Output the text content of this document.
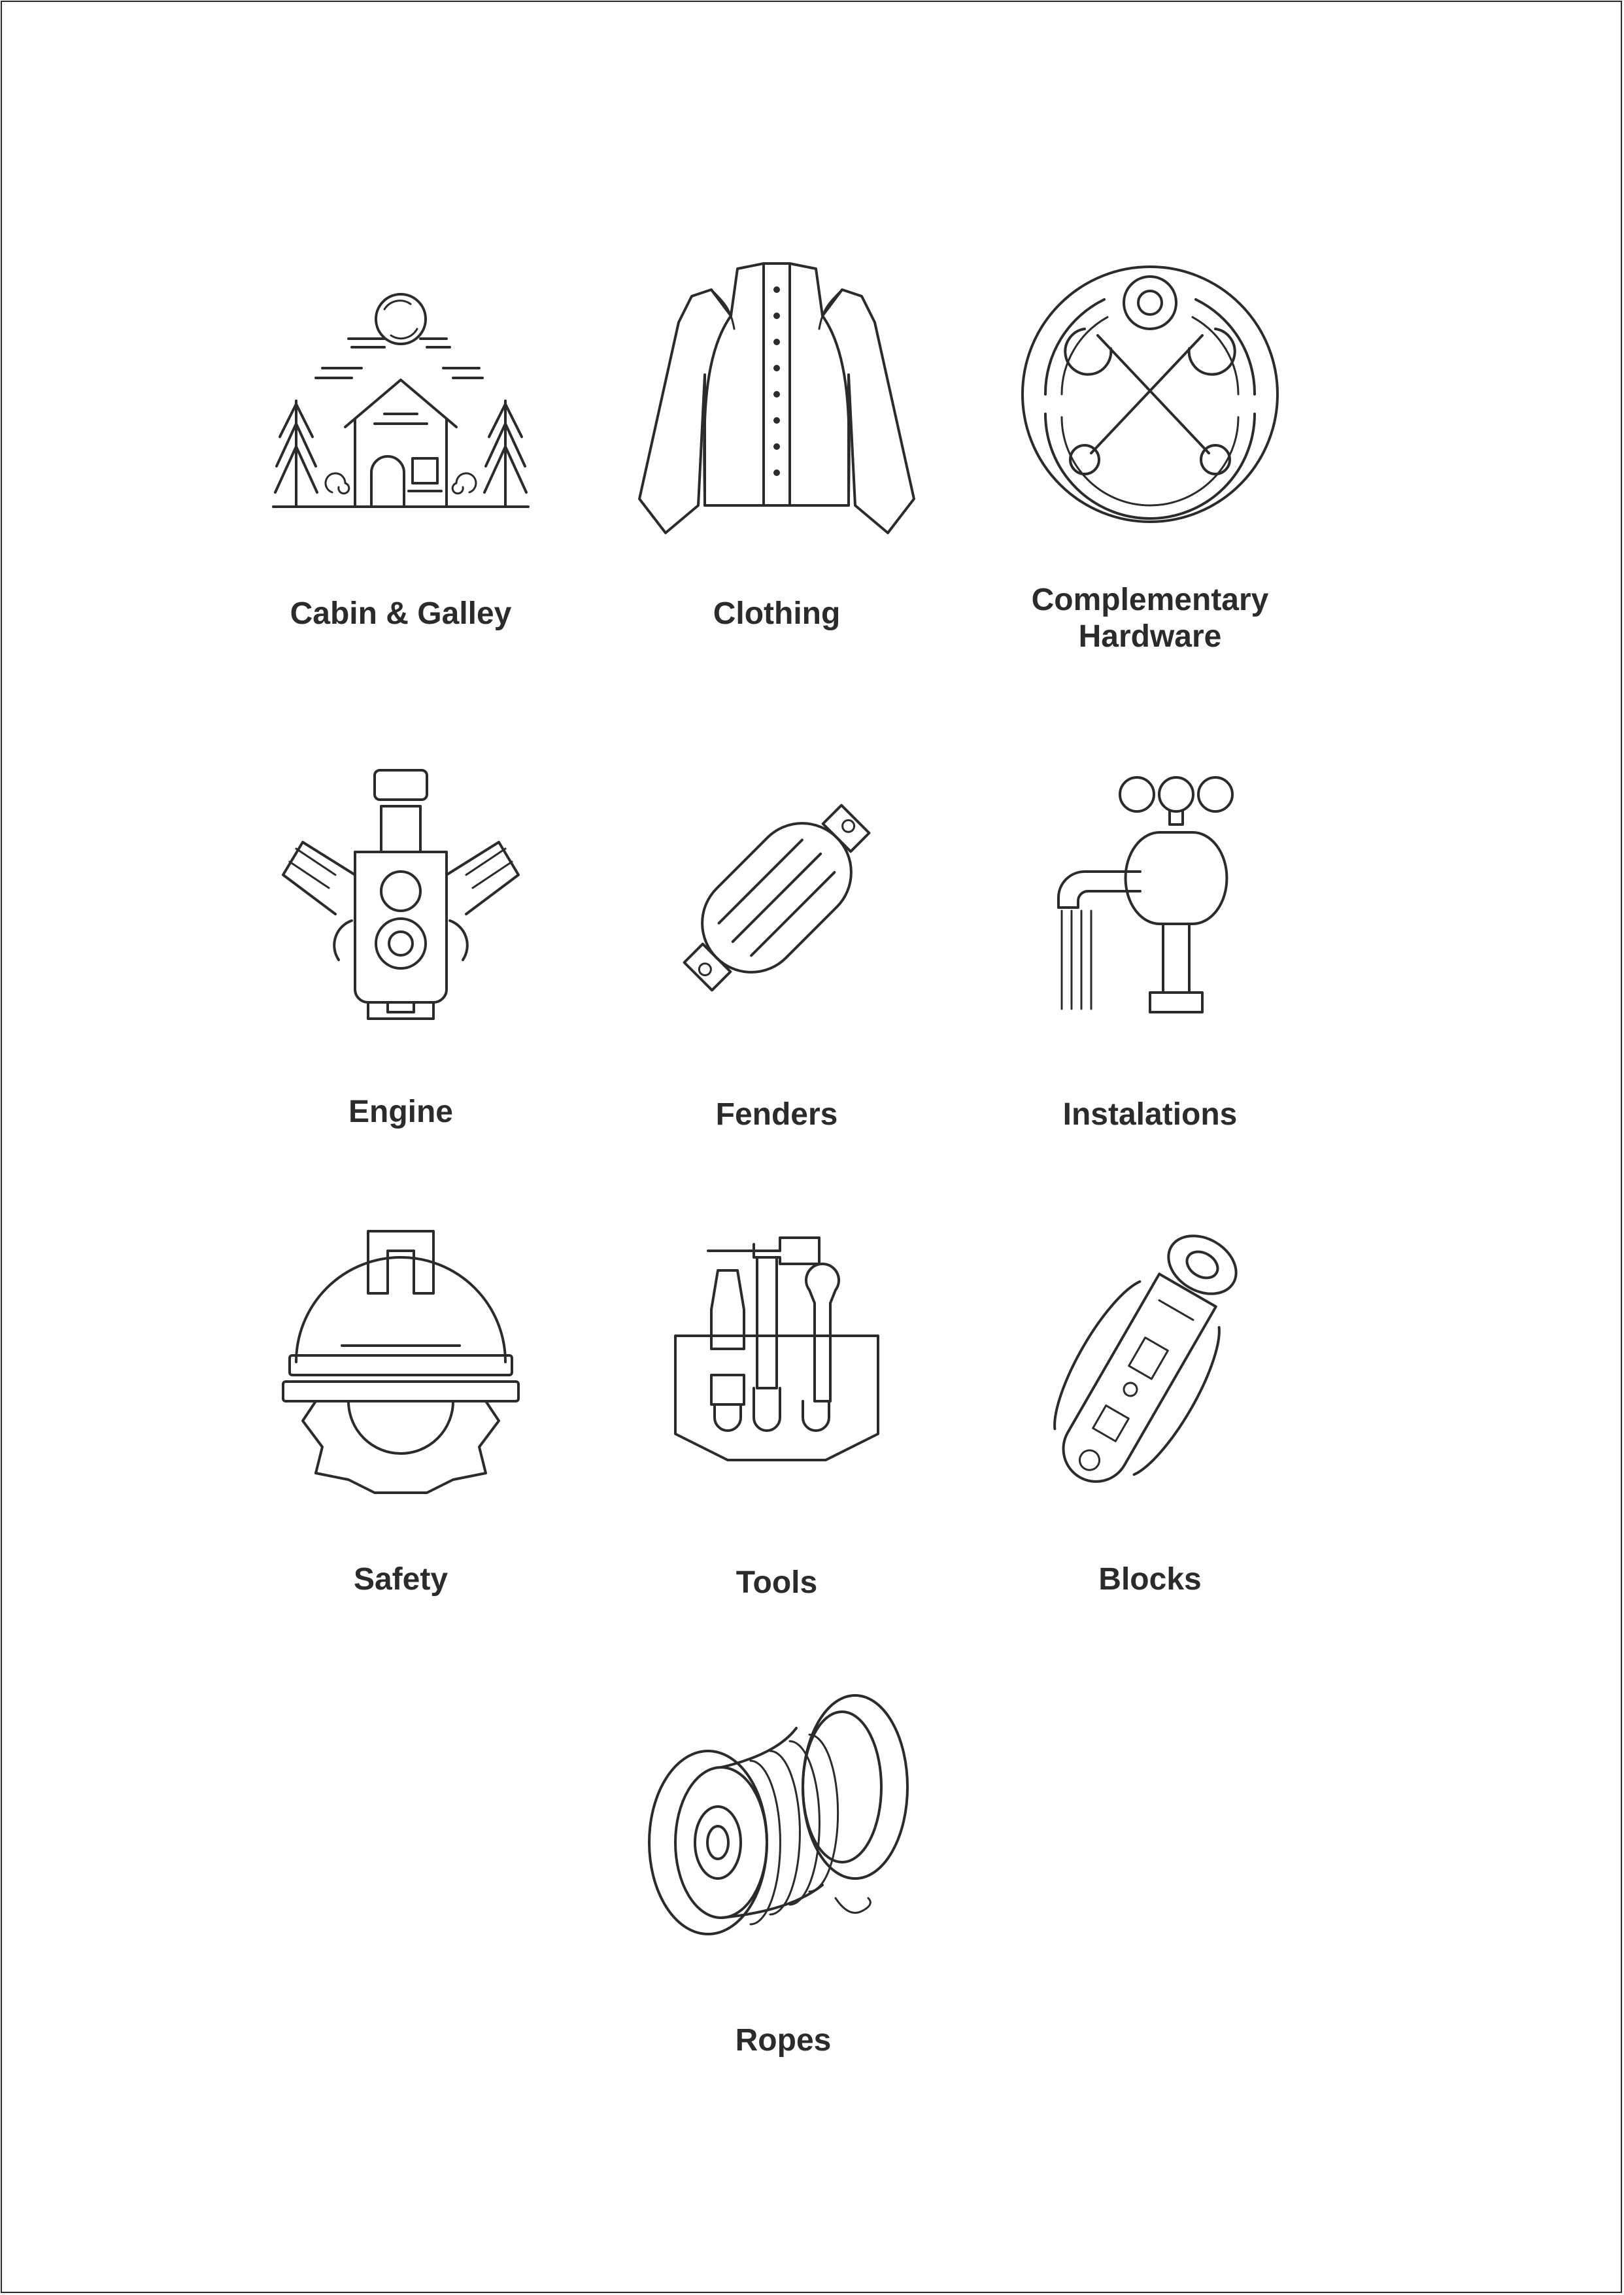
Cabin & Galley	Clothing	Complementary
Hardware
Engine	Fenders	Instalations
Safety	Tools	Blocks
Ropes
